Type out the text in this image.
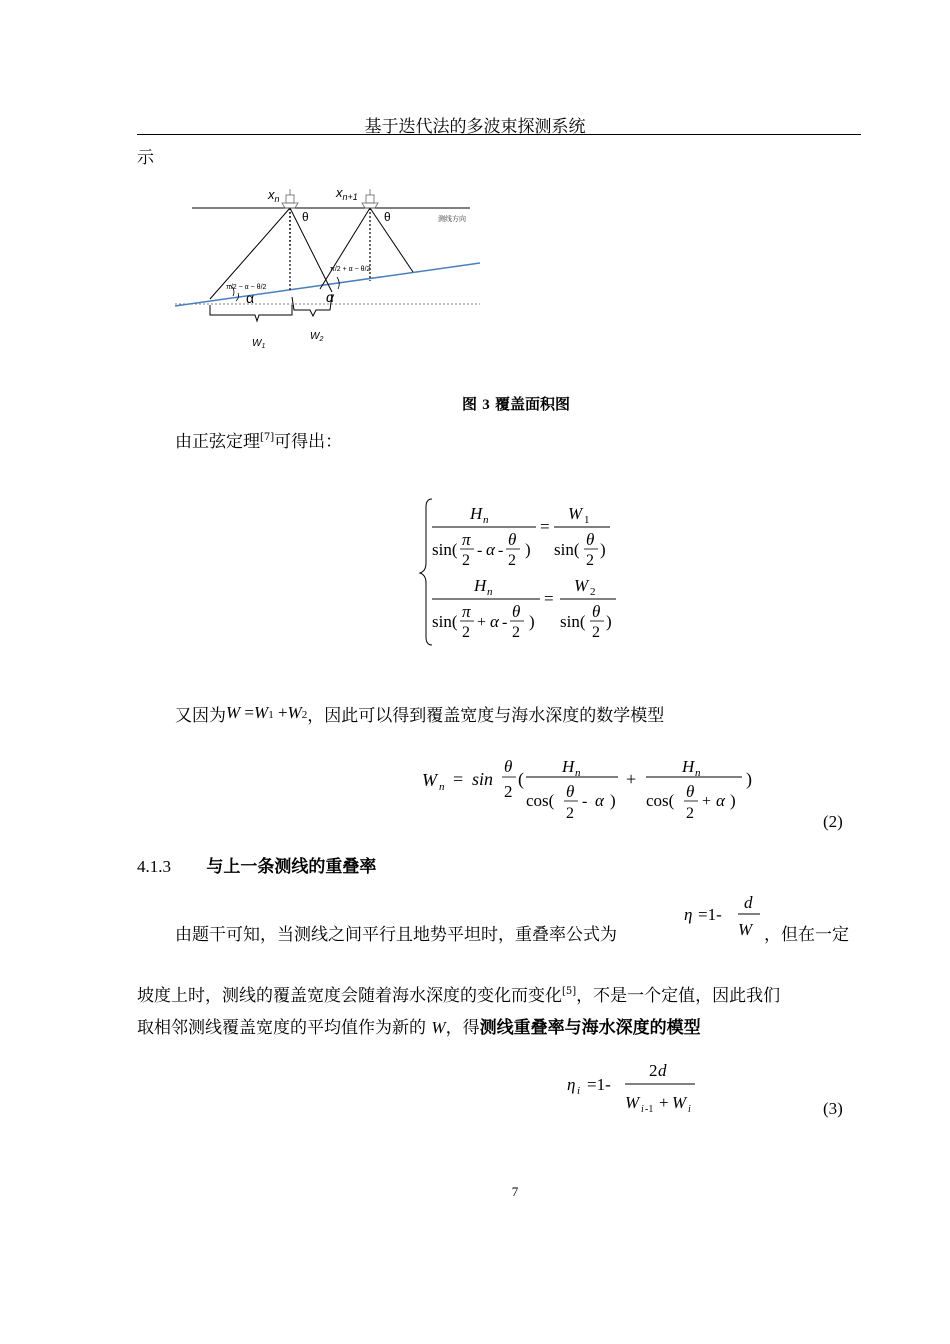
基于迭代法的多波束探测系统
示
$x_n$	$x_{n+1}$
θ	θ	测线方向
π/2 − α − θ/2
π/2 + α − θ/2
α	α
$W_1$
$W_2$
图 3 覆盖面积图
由正弦定理[7]可得出：
H n
sin(
π
2
- α -
θ
2
)
=
W 1
sin(
θ
2
)
H n
sin(
π
2
+ α -
θ
2
)
=
W 2
sin(
θ
2
)
又因为W =W1 +W2，因此可以得到覆盖宽度与海水深度的数学模型
W n = sin
θ
2
(
H n
cos( θ
2
- α )
+
H n
cos( θ
2
+ α )
)
(2)
4.1.3 与上一条测线的重叠率
由题干可知，当测线之间平行且地势平坦时，重叠率公式为
η =1-
d
W ，但在一定
坡度上时，测线的覆盖宽度会随着海水深度的变化而变化[5]，不是一个定值，因此我们
取相邻测线覆盖宽度的平均值作为新的 W，得测线重叠率与海水深度的模型
η i =1-
2 d
W i -1 + W i	(3)
7
